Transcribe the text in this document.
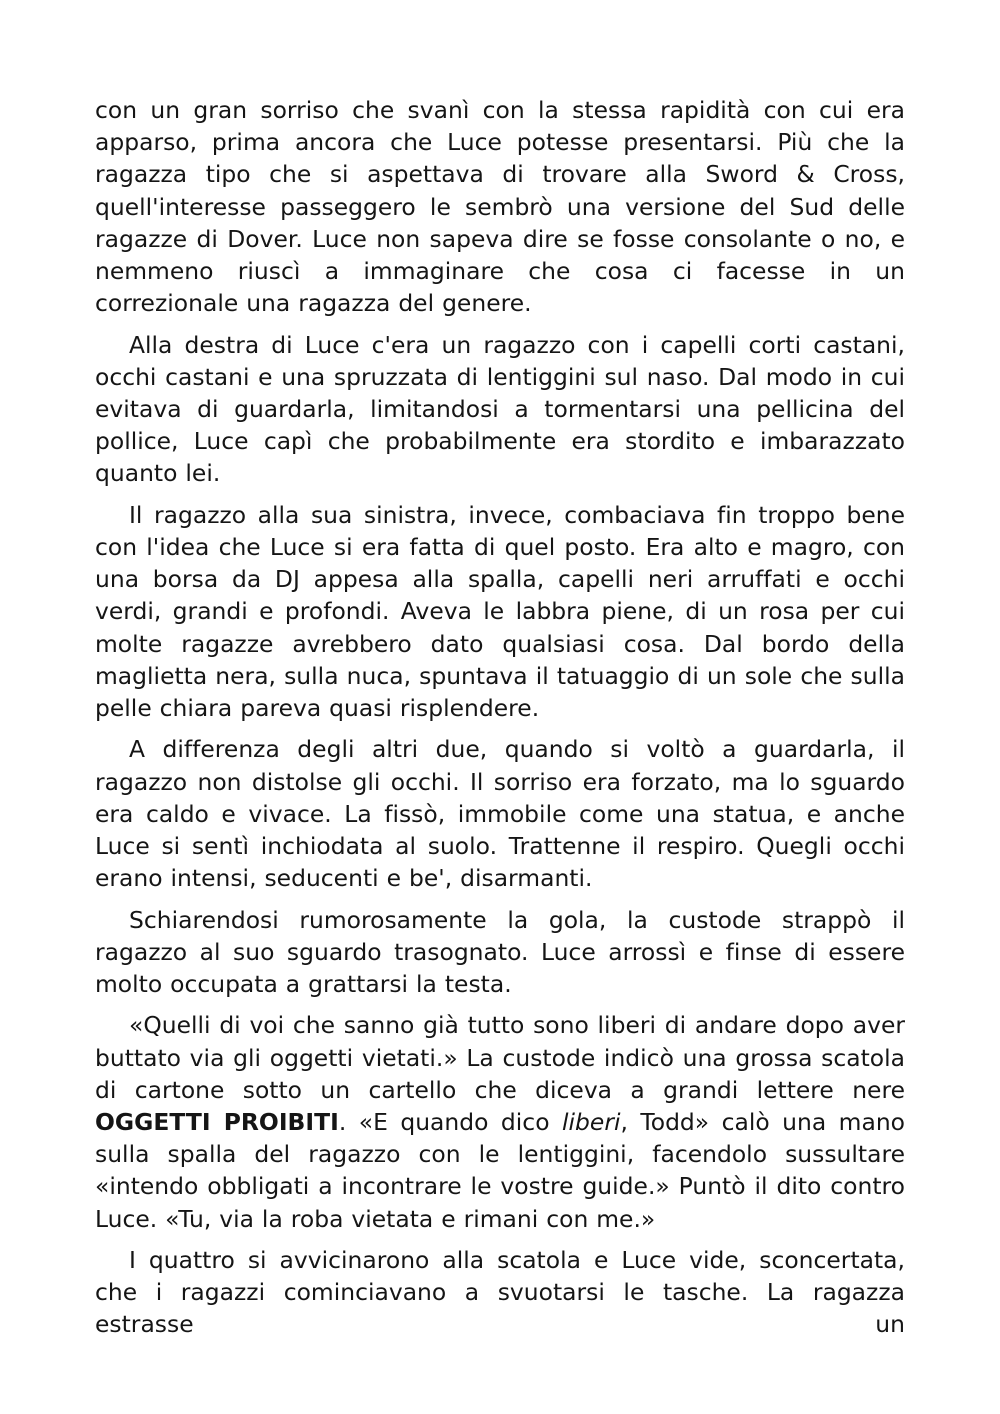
con un gran sorriso che svanì con la stessa rapidità con cui era apparso, prima ancora che Luce potesse presentarsi. Più che la ragazza tipo che si aspettava di trovare alla Sword & Cross, quell'interesse passeggero le sembrò una versione del Sud delle ragazze di Dover. Luce non sapeva dire se fosse consolante o no, e nemmeno riuscì a immaginare che cosa ci facesse in un correzionale una ragazza del genere.

Alla destra di Luce c'era un ragazzo con i capelli corti castani, occhi castani e una spruzzata di lentiggini sul naso. Dal modo in cui evitava di guardarla, limitandosi a tormentarsi una pellicina del pollice, Luce capì che probabilmente era stordito e imbarazzato quanto lei.

Il ragazzo alla sua sinistra, invece, combaciava fin troppo bene con l'idea che Luce si era fatta di quel posto. Era alto e magro, con una borsa da DJ appesa alla spalla, capelli neri arruffati e occhi verdi, grandi e profondi. Aveva le labbra piene, di un rosa per cui molte ragazze avrebbero dato qualsiasi cosa. Dal bordo della maglietta nera, sulla nuca, spuntava il tatuaggio di un sole che sulla pelle chiara pareva quasi risplendere.

A differenza degli altri due, quando si voltò a guardarla, il ragazzo non distolse gli occhi. Il sorriso era forzato, ma lo sguardo era caldo e vivace. La fissò, immobile come una statua, e anche Luce si sentì inchiodata al suolo. Trattenne il respiro. Quegli occhi erano intensi, seducenti e be', disarmanti.

Schiarendosi rumorosamente la gola, la custode strappò il ragazzo al suo sguardo trasognato. Luce arrossì e finse di essere molto occupata a grattarsi la testa.

«Quelli di voi che sanno già tutto sono liberi di andare dopo aver buttato via gli oggetti vietati.» La custode indicò una grossa scatola di cartone sotto un cartello che diceva a grandi lettere nere OGGETTI PROIBITI. «E quando dico liberi, Todd» calò una mano sulla spalla del ragazzo con le lentiggini, facendolo sussultare «intendo obbligati a incontrare le vostre guide.» Puntò il dito contro Luce. «Tu, via la roba vietata e rimani con me.»

I quattro si avvicinarono alla scatola e Luce vide, sconcertata, che i ragazzi cominciavano a svuotarsi le tasche. La ragazza estrasse un
